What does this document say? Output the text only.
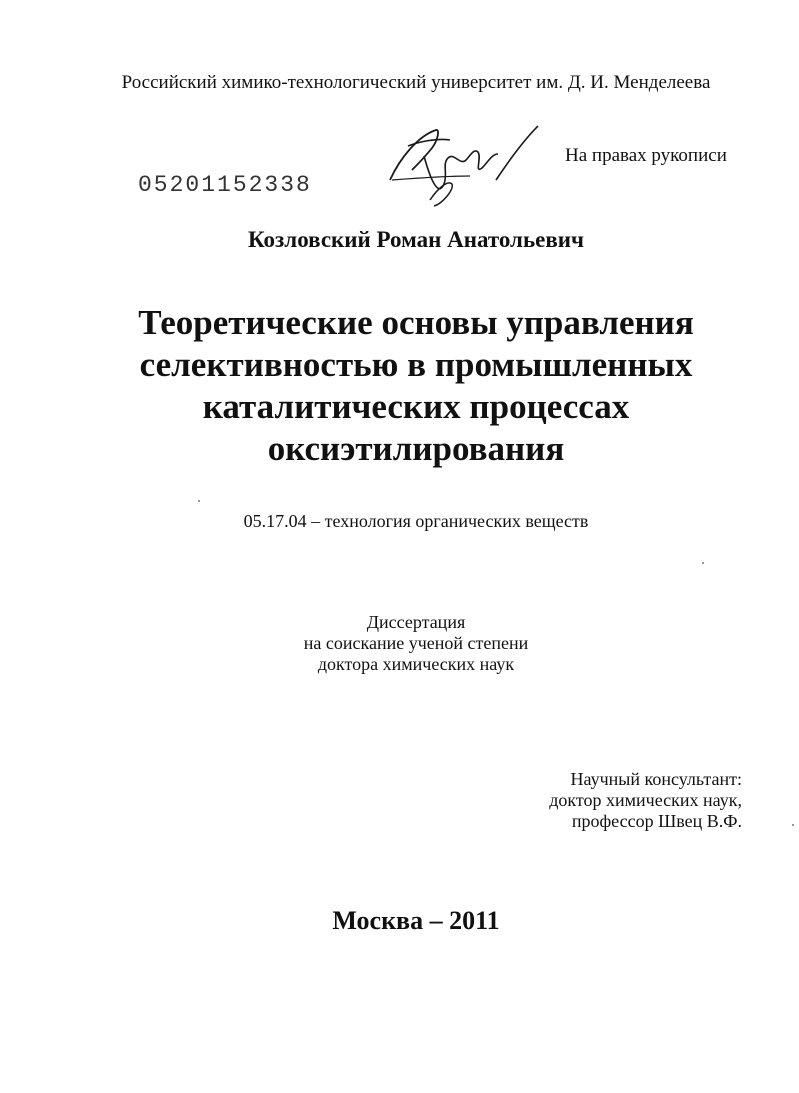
Российский химико-технологический университет им. Д. И. Менделеева
На правах рукописи
05201152338
Козловский Роман Анатольевич
Теоретические основы управления
селективностью в промышленных
каталитических процессах
оксиэтилирования
05.17.04 – технология органических веществ
Диссертация
на соискание ученой степени
доктора химических наук
Научный консультант:
доктор химических наук,
профессор Швец В.Ф.
Москва – 2011
